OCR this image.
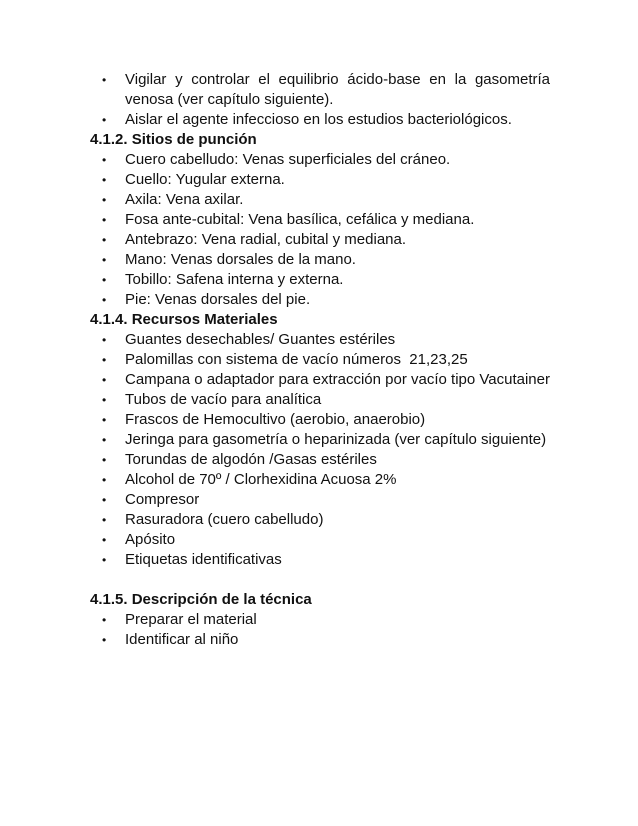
•	Vigilar y controlar el equilibrio ácido-base en la gasometría venosa (ver capítulo siguiente).
•	Aislar el agente infeccioso en los estudios bacteriológicos.
4.1.2. Sitios de punción
•	Cuero cabelludo: Venas superficiales del cráneo.
•	Cuello: Yugular externa.
•	Axila: Vena axilar.
•	Fosa ante-cubital: Vena basílica, cefálica y mediana.
•	Antebrazo: Vena radial, cubital y mediana.
•	Mano: Venas dorsales de la mano.
•	Tobillo: Safena interna y externa.
•	Pie: Venas dorsales del pie.
4.1.4. Recursos Materiales
•	Guantes desechables/ Guantes estériles
•	Palomillas con sistema de vacío números  21,23,25
•	Campana o adaptador para extracción por vacío tipo Vacutainer
•	Tubos de vacío para analítica
•	Frascos de Hemocultivo (aerobio, anaerobio)
•	Jeringa para gasometría o heparinizada (ver capítulo siguiente)
•	Torundas de algodón /Gasas estériles
•	Alcohol de 70º / Clorhexidina Acuosa 2%
•	Compresor
•	Rasuradora (cuero cabelludo)
•	Apósito
•	Etiquetas identificativas
4.1.5. Descripción de la técnica
•	Preparar el material
•	Identificar al niño
